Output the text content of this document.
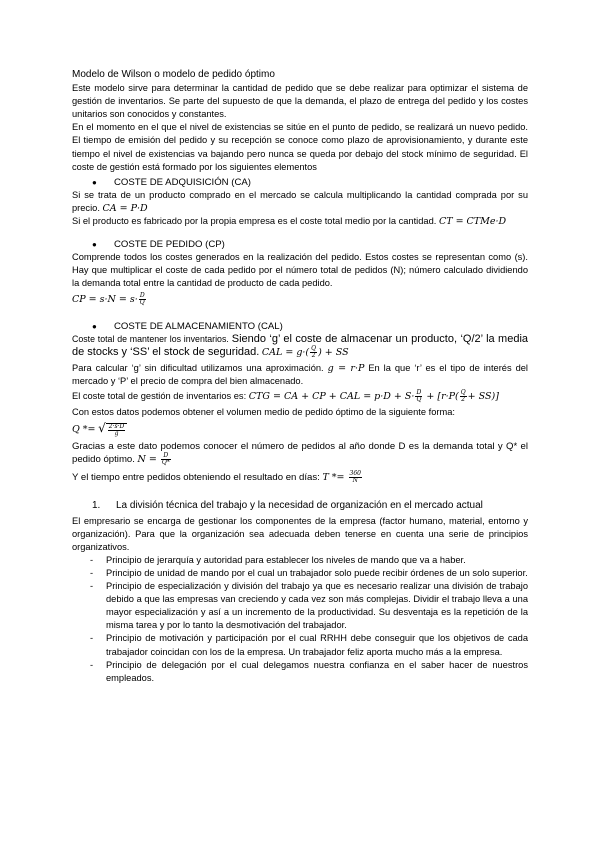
Modelo de Wilson o modelo de pedido óptimo

Este modelo sirve para determinar la cantidad de pedido que se debe realizar para optimizar el sistema de gestión de inventarios. Se parte del supuesto de que la demanda, el plazo de entrega del pedido y los costes unitarios son conocidos y constantes.

En el momento en el que el nivel de existencias se sitúe en el punto de pedido, se realizará un nuevo pedido. El tiempo de emisión del pedido y su recepción se conoce como plazo de aprovisionamiento, y durante este tiempo el nivel de existencias va bajando pero nunca se queda por debajo del stock mínimo de seguridad. El coste de gestión está formado por los siguientes elementos

● COSTE DE ADQUISICIÓN (CA)

Si se trata de un producto comprado en el mercado se calcula multiplicando la cantidad comprada por su precio. CA = P·D

Si el producto es fabricado por la propia empresa es el coste total medio por la cantidad. CT = CTMe·D

● COSTE DE PEDIDO (CP)

Comprende todos los costes generados en la realización del pedido. Estos costes se representan como (s). Hay que multiplicar el coste de cada pedido por el número total de pedidos (N); número calculado dividiendo la demanda total entre la cantidad de producto de cada pedido.

CP = $s\cdot N = s\cdot \frac{D}{Q}$

● COSTE DE ALMACENAMIENTO (CAL)

Coste total de mantener los inventarios. Siendo ‘g’ el coste de almacenar un producto, ‘Q/2’ la media de stocks y ‘SS’ el stock de seguridad. CAL = $g\cdot( \frac{Q}{2}$ ) + SS

Para calcular ‘g’ sin dificultad utilizamos una aproximación. g = r·P En la que ‘r’ es el tipo de interés del mercado y ‘P’ el precio de compra del bien almacenado.

El coste total de gestión de inventarios es: CTG = CA + CP + CAL = $p\cdot D + S\cdot \frac{D}{Q} + [r\cdot P( \frac{Q}{2} + SS)]$

Con estos datos podemos obtener el volumen medio de pedido óptimo de la siguiente forma:

Q *= √ $\frac{2\cdot s\cdot D}{g}$

Gracias a este dato podemos conocer el número de pedidos al año donde D es la demanda total y Q* el pedido óptimo. $N = \frac{D}{Q*}$

Y el tiempo entre pedidos obteniendo el resultado en días: $T *= \frac{360}{N}$

1. La división técnica del trabajo y la necesidad de organización en el mercado actual

El empresario se encarga de gestionar los componentes de la empresa (factor humano, material, entorno y organización). Para que la organización sea adecuada deben tenerse en cuenta una serie de principios organizativos.

- Principio de jerarquía y autoridad para establecer los niveles de mando que va a haber.
- Principio de unidad de mando por el cual un trabajador solo puede recibir órdenes de un solo superior.
- Principio de especialización y división del trabajo ya que es necesario realizar una división de trabajo debido a que las empresas van creciendo y cada vez son más complejas. Dividir el trabajo lleva a una mayor especialización y así a un incremento de la productividad. Su desventaja es la repetición de la misma tarea y por lo tanto la desmotivación del trabajador.
- Principio de motivación y participación por el cual RRHH debe conseguir que los objetivos de cada trabajador coincidan con los de la empresa. Un trabajador feliz aporta mucho más a la empresa.
- Principio de delegación por el cual delegamos nuestra confianza en el saber hacer de nuestros empleados.
